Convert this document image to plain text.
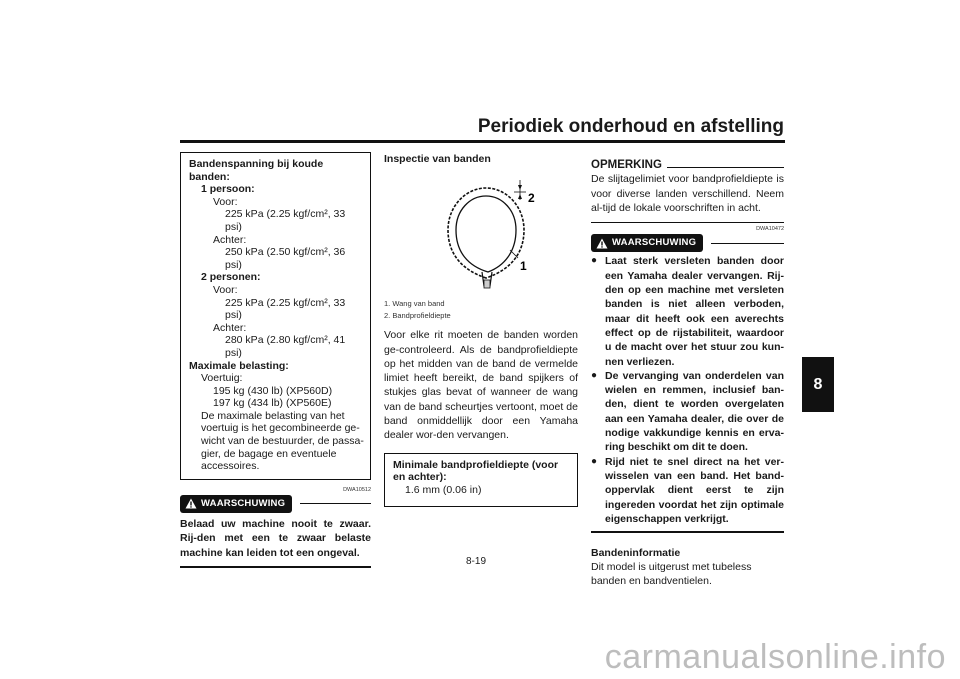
Periodiek onderhoud en afstelling
8
Bandenspanning bij koude banden:
1 persoon:
Voor:
225 kPa (2.25 kgf/cm², 33 psi)
Achter:
250 kPa (2.50 kgf/cm², 36 psi)
2 personen:
Voor:
225 kPa (2.25 kgf/cm², 33 psi)
Achter:
280 kPa (2.80 kgf/cm², 41 psi)
Maximale belasting:
Voertuig:
195 kg (430 lb) (XP560D)
197 kg (434 lb) (XP560E)
De maximale belasting van het voertuig is het gecombineerde ge-wicht van de bestuurder, de passa-gier, de bagage en eventuele accessoires.
DWA10512
WAARSCHUWING
Belaad uw machine nooit te zwaar. Rij-den met een te zwaar belaste machine kan leiden tot een ongeval.
Inspectie van banden
2
1
1. Wang van band
2. Bandprofieldiepte
Voor elke rit moeten de banden worden ge-controleerd. Als de bandprofieldiepte op het midden van de band de vermelde limiet heeft bereikt, de band spijkers of stukjes glas bevat of wanneer de wang van de band scheurtjes vertoont, moet de band onmiddellijk door een Yamaha dealer wor-den vervangen.
Minimale bandprofieldiepte (voor en achter):
1.6 mm (0.06 in)
OPMERKING
De slijtagelimiet voor bandprofieldiepte is voor diverse landen verschillend. Neem al-tijd de lokale voorschriften in acht.
DWA10472
WAARSCHUWING
● Laat sterk versleten banden door een Yamaha dealer vervangen. Rij-den op een machine met versleten banden is niet alleen verboden, maar dit heeft ook een averechts effect op de rijstabiliteit, waardoor u de macht over het stuur zou kun-nen verliezen.
● De vervanging van onderdelen van wielen en remmen, inclusief ban-den, dient te worden overgelaten aan een Yamaha dealer, die over de nodige vakkundige kennis en erva-ring beschikt om dit te doen.
● Rijd niet te snel direct na het ver-wisselen van een band. Het band-oppervlak dient eerst te zijn ingereden voordat het zijn optimale eigenschappen verkrijgt.
Bandeninformatie
Dit model is uitgerust met tubeless banden en bandventielen.
8-19
carmanualsonline.info
